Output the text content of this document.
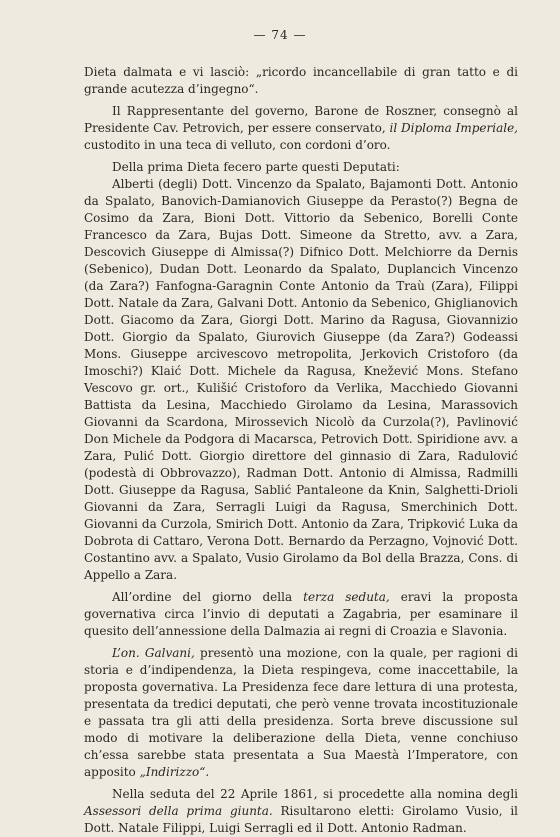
— 74 —

Dieta dalmata e vi lasciò: „ricordo incancellabile di gran tatto e di grande acutezza d’ingegno“.

Il Rappresentante del governo, Barone de Roszner, consegnò al Presidente Cav. Petrovich, per essere conservato, il Diploma Imperiale, custodito in una teca di velluto, con cordoni d’oro.

Della prima Dieta fecero parte questi Deputati:

Alberti (degli) Dott. Vincenzo da Spalato, Bajamonti Dott. Antonio da Spalato, Banovich-Damianovich Giuseppe da Perasto(?) Begna de Cosimo da Zara, Bioni Dott. Vittorio da Sebenico, Borelli Conte Francesco da Zara, Bujas Dott. Simeone da Stretto, avv. a Zara, Descovich Giuseppe di Almissa(?) Difnico Dott. Melchiorre da Dernis (Sebenico), Dudan Dott. Leonardo da Spalato, Duplancich Vincenzo (da Zara?) Fanfogna-Garagnin Conte Antonio da Traù (Zara), Filippi Dott. Natale da Zara, Galvani Dott. Antonio da Sebenico, Ghiglianovich Dott. Giacomo da Zara, Giorgi Dott. Marino da Ragusa, Giovannizio Dott. Giorgio da Spalato, Giurovich Giuseppe (da Zara?) Godeassi Mons. Giuseppe arcivescovo metropolita, Jerkovich Cristoforo (da Imoschi?) Klaić Dott. Michele da Ragusa, Knežević Mons. Stefano Vescovo gr. ort., Kulišić Cristoforo da Verlika, Macchiedo Giovanni Battista da Lesina, Macchiedo Girolamo da Lesina, Marassovich Giovanni da Scardona, Mirossevich Nicolò da Curzola(?), Pavlinović Don Michele da Podgora di Macarsca, Petrovich Dott. Spiridione avv. a Zara, Pulić Dott. Giorgio direttore del ginnasio di Zara, Radulović (podestà di Obbrovazzo), Radman Dott. Antonio di Almissa, Radmilli Dott. Giuseppe da Ragusa, Sablić Pantaleone da Knin, Salghetti-Drioli Giovanni da Zara, Serragli Luigi da Ragusa, Smerchinich Dott. Giovanni da Curzola, Smirich Dott. Antonio da Zara, Tripković Luka da Dobrota di Cattaro, Verona Dott. Bernardo da Perzagno, Vojnović Dott. Costantino avv. a Spalato, Vusio Girolamo da Bol della Brazza, Cons. di Appello a Zara.

All’ordine del giorno della terza seduta, eravi la proposta governativa circa l’invio di deputati a Zagabria, per esaminare il quesito dell’annessione della Dalmazia ai regni di Croazia e Slavonia.

L’on. Galvani, presentò una mozione, con la quale, per ragioni di storia e d’indipendenza, la Dieta respingeva, come inaccettabile, la proposta governativa. La Presidenza fece dare lettura di una protesta, presentata da tredici deputati, che però venne trovata incostituzionale e passata tra gli atti della presidenza. Sorta breve discussione sul modo di motivare la deliberazione della Dieta, venne conchiuso ch’essa sarebbe stata presentata a Sua Maestà l’Imperatore, con apposito „Indirizzo“.

Nella seduta del 22 Aprile 1861, si procedette alla nomina degli Assessori della prima giunta. Risultarono eletti: Girolamo Vusio, il Dott. Natale Filippi, Luigi Serragli ed il Dott. Antonio Radman.
